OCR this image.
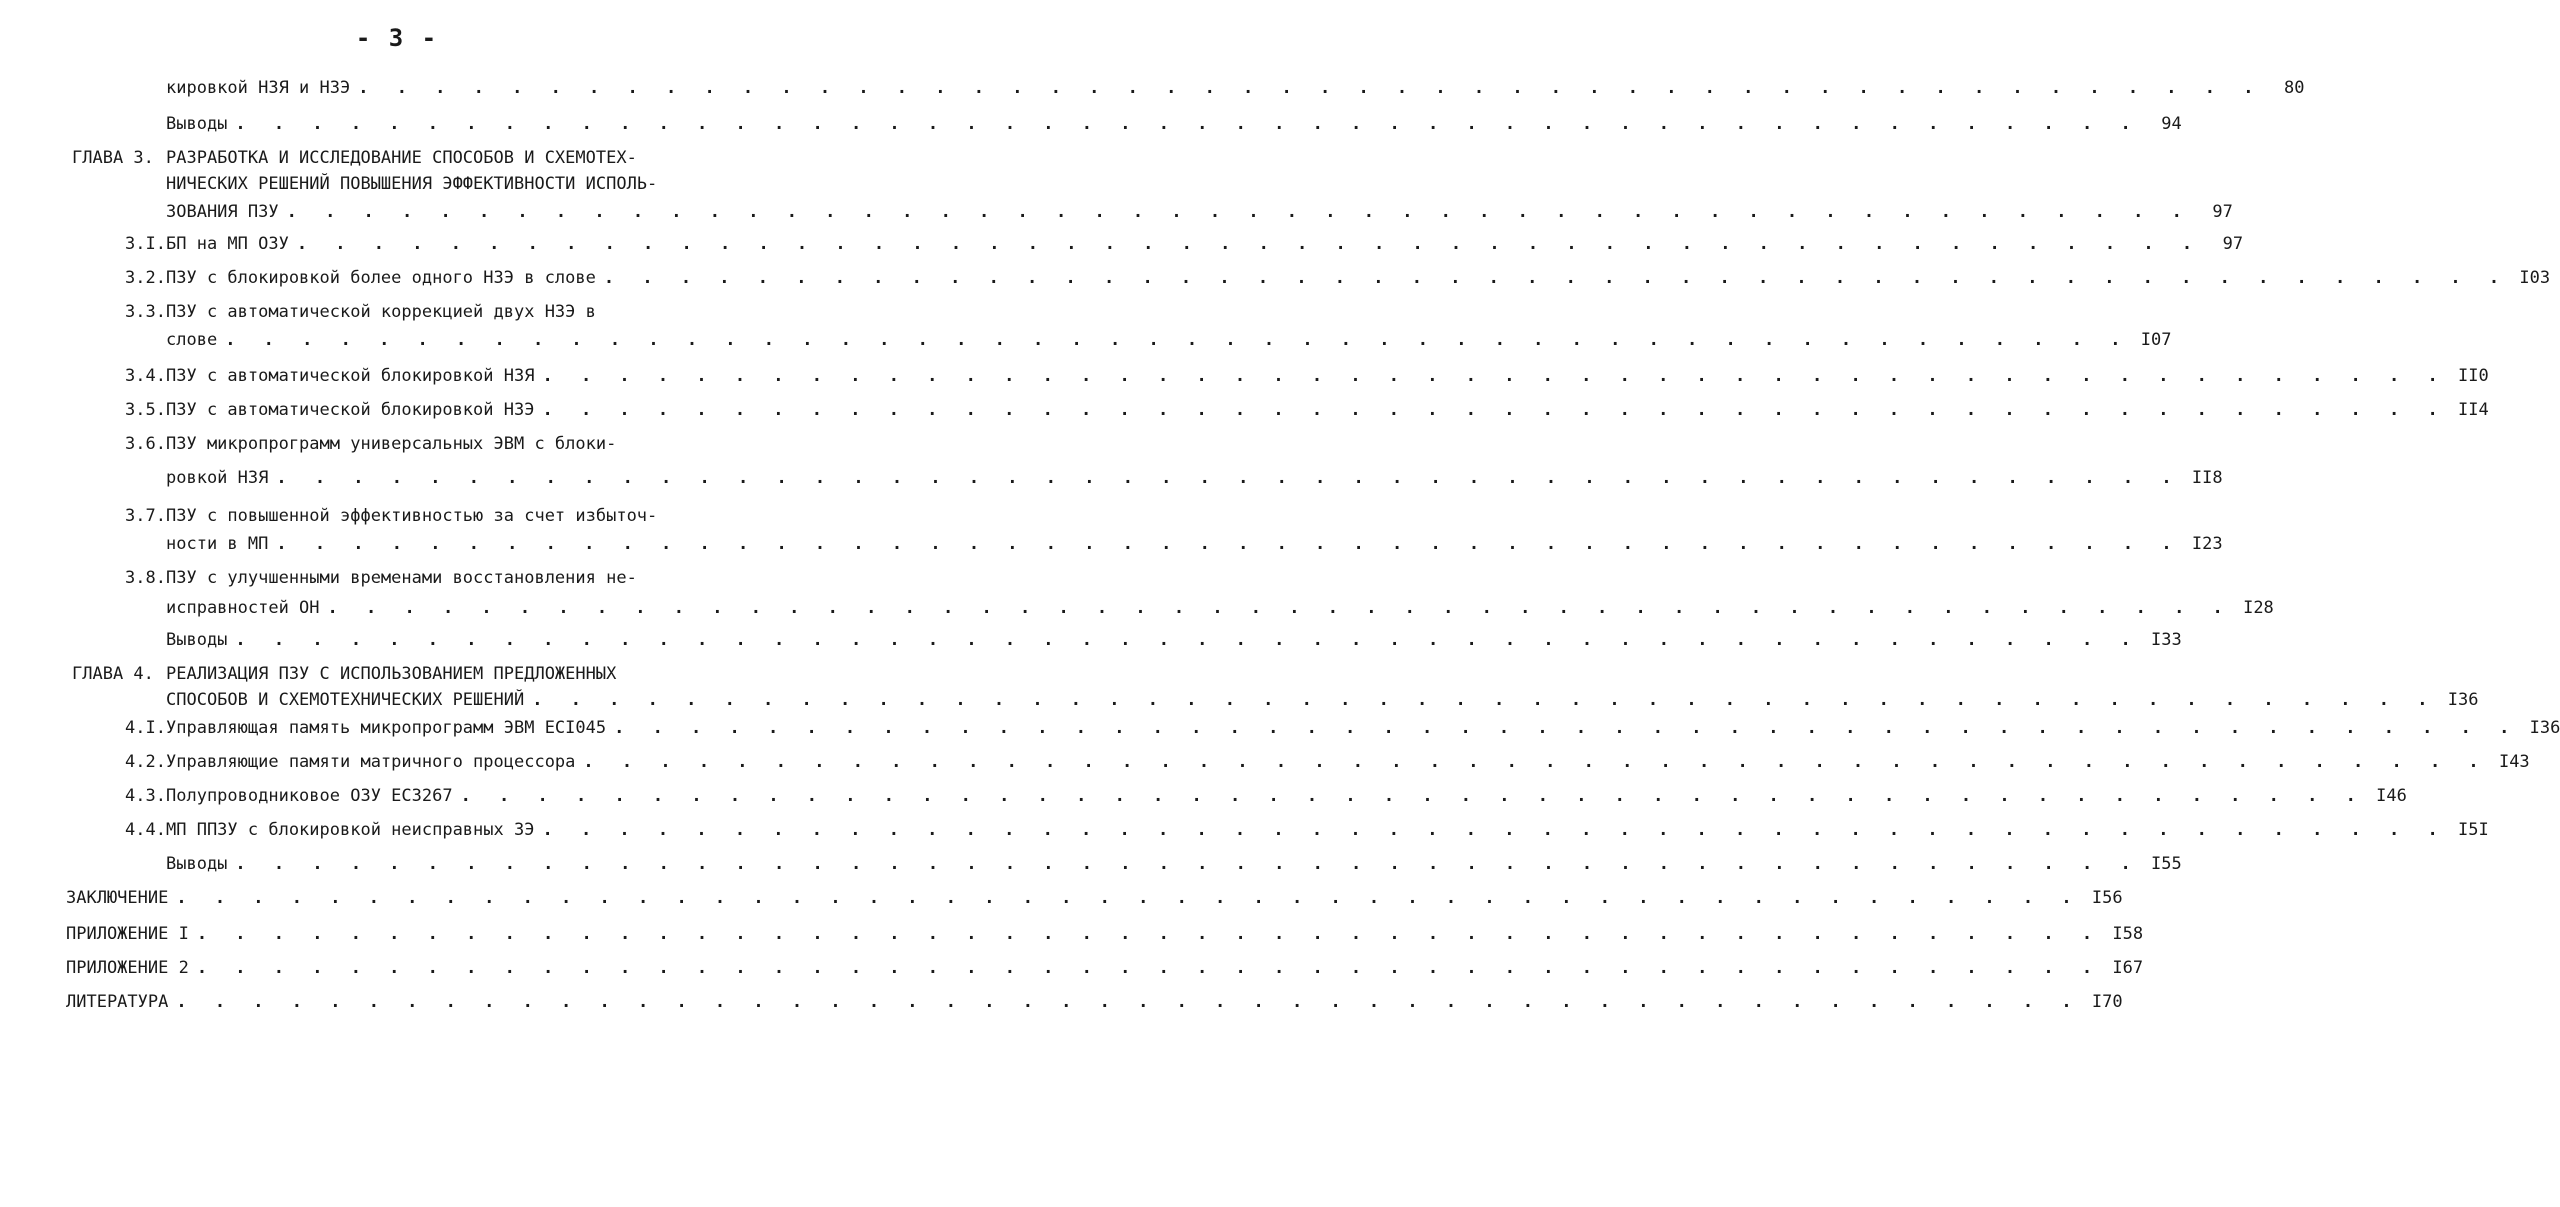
- 3 -
кировкой НЗЯ и НЗЭ . . . . . . . . . . . . . . . . . . . . . . . . . . . . . . . . . . . . . . . . . . . . . . . . . .	80
Выводы . . . . . . . . . . . . . . . . . . . . . . . . . . . . . . . . . . . . . . . . . . . . . . . . . .	94
ГЛАВА 3. РАЗРАБОТКА И ИССЛЕДОВАНИЕ СПОСОБОВ И СХЕМОТЕХ-
НИЧЕСКИХ РЕШЕНИЙ ПОВЫШЕНИЯ ЭФФЕКТИВНОСТИ ИСПОЛЬ-
ЗОВАНИЯ ПЗУ . . . . . . . . . . . . . . . . . . . . . . . . . . . . . . . . . . . . . . . . . . . . . . . . . .	97
3.I. БП на МП ОЗУ . . . . . . . . . . . . . . . . . . . . . . . . . . . . . . . . . . . . . . . . . . . . . . . . . .	97
3.2. ПЗУ с блокировкой более одного НЗЭ в слове . . . . . . . . . . . . . . . . . . . . . . . . . . . . . . . . . . . . . . . . . . . . . . . . . . I03
3.3. ПЗУ с автоматической коррекцией двух НЗЭ в
слове . . . . . . . . . . . . . . . . . . . . . . . . . . . . . . . . . . . . . . . . . . . . . . . . . . I07
3.4. ПЗУ с автоматической блокировкой НЗЯ . . . . . . . . . . . . . . . . . . . . . . . . . . . . . . . . . . . . . . . . . . . . . . . . . . II0
3.5. ПЗУ с автоматической блокировкой НЗЭ . . . . . . . . . . . . . . . . . . . . . . . . . . . . . . . . . . . . . . . . . . . . . . . . . . II4
3.6. ПЗУ микропрограмм универсальных ЭВМ с блоки-
ровкой НЗЯ . . . . . . . . . . . . . . . . . . . . . . . . . . . . . . . . . . . . . . . . . . . . . . . . . . II8
3.7. ПЗУ с повышенной эффективностью за счет избыточ-
ности в МП . . . . . . . . . . . . . . . . . . . . . . . . . . . . . . . . . . . . . . . . . . . . . . . . . . I23
3.8. ПЗУ с улучшенными временами восстановления не-
исправностей ОН . . . . . . . . . . . . . . . . . . . . . . . . . . . . . . . . . . . . . . . . . . . . . . . . . . I28
Выводы . . . . . . . . . . . . . . . . . . . . . . . . . . . . . . . . . . . . . . . . . . . . . . . . . . I33
ГЛАВА 4. РЕАЛИЗАЦИЯ ПЗУ С ИСПОЛЬЗОВАНИЕМ ПРЕДЛОЖЕННЫХ
СПОСОБОВ И СХЕМОТЕХНИЧЕСКИХ РЕШЕНИЙ . . . . . . . . . . . . . . . . . . . . . . . . . . . . . . . . . . . . . . . . . . . . . . . . . . I36
4.I. Управляющая память микропрограмм ЭВМ ЕСI045 . . . . . . . . . . . . . . . . . . . . . . . . . . . . . . . . . . . . . . . . . . . . . . . . . . I36
4.2. Управляющие памяти матричного процессора . . . . . . . . . . . . . . . . . . . . . . . . . . . . . . . . . . . . . . . . . . . . . . . . . . I43
4.3. Полупроводниковое ОЗУ ЕС3267 . . . . . . . . . . . . . . . . . . . . . . . . . . . . . . . . . . . . . . . . . . . . . . . . . . I46
4.4. МП ППЗУ с блокировкой неисправных ЗЭ . . . . . . . . . . . . . . . . . . . . . . . . . . . . . . . . . . . . . . . . . . . . . . . . . . I5I
Выводы . . . . . . . . . . . . . . . . . . . . . . . . . . . . . . . . . . . . . . . . . . . . . . . . . . I55
ЗАКЛЮЧЕНИЕ . . . . . . . . . . . . . . . . . . . . . . . . . . . . . . . . . . . . . . . . . . . . . . . . . . I56
ПРИЛОЖЕНИЕ I . . . . . . . . . . . . . . . . . . . . . . . . . . . . . . . . . . . . . . . . . . . . . . . . . . I58
ПРИЛОЖЕНИЕ 2 . . . . . . . . . . . . . . . . . . . . . . . . . . . . . . . . . . . . . . . . . . . . . . . . . . I67
ЛИТЕРАТУРА . . . . . . . . . . . . . . . . . . . . . . . . . . . . . . . . . . . . . . . . . . . . . . . . . . I70
